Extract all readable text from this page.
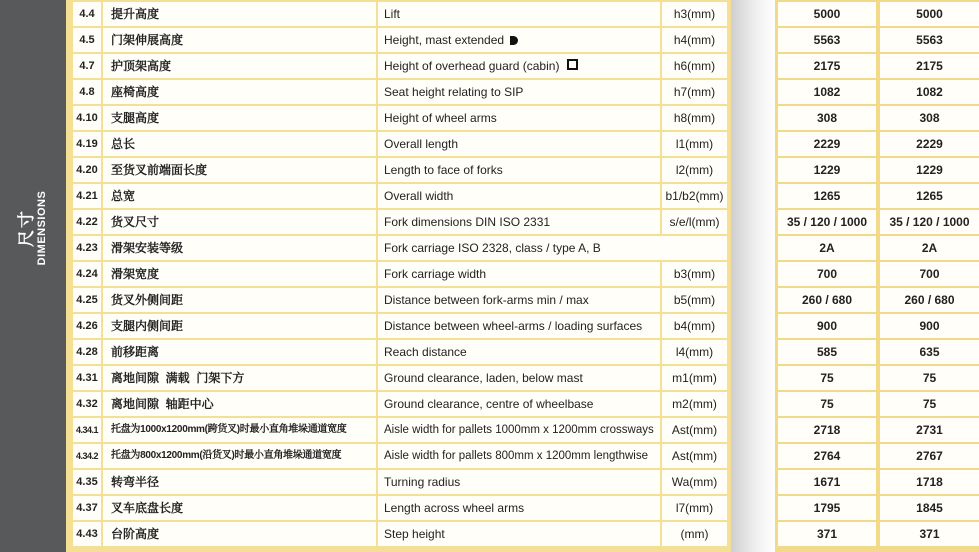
尺寸 DIMENSIONS
4.4	提升高度	Lift	h3(mm)	5000	5000
4.5	门架伸展高度	Height, mast extended	h4(mm)	5563	5563
4.7	护顶架高度	Height of overhead guard (cabin)	h6(mm)	2175	2175
4.8	座椅高度	Seat height relating to SIP	h7(mm)	1082	1082
4.10	支腿高度	Height of wheel arms	h8(mm)	308	308
4.19	总长	Overall length	l1(mm)	2229	2229
4.20	至货叉前端面长度	Length to face of forks	l2(mm)	1229	1229
4.21	总宽	Overall width	b1/b2(mm)	1265	1265
4.22	货叉尺寸	Fork dimensions DIN ISO 2331	s/e/l(mm)	35 / 120 / 1000	35 / 120 / 1000
4.23	滑架安装等级	Fork carriage ISO 2328, class / type A, B	2A	2A
4.24	滑架宽度	Fork carriage width	b3(mm)	700	700
4.25	货叉外侧间距	Distance between fork-arms min / max	b5(mm)	260 / 680	260 / 680
4.26	支腿内侧间距	Distance between wheel-arms / loading surfaces	b4(mm)	900	900
4.28	前移距离	Reach distance	l4(mm)	585	635
4.31	离地间隙  满载  门架下方	Ground clearance, laden, below mast	m1(mm)	75	75
4.32	离地间隙  轴距中心	Ground clearance, centre of wheelbase	m2(mm)	75	75
4.34.1	托盘为1000x1200mm(跨货叉)时最小直角堆垛通道宽度	Aisle width for pallets 1000mm x 1200mm crossways	Ast(mm)	2718	2731
4.34.2	托盘为800x1200mm(沿货叉)时最小直角堆垛通道宽度	Aisle width for pallets 800mm x 1200mm lengthwise	Ast(mm)	2764	2767
4.35	转弯半径	Turning radius	Wa(mm)	1671	1718
4.37	叉车底盘长度	Length across wheel arms	l7(mm)	1795	1845
4.43	台阶高度	Step height	(mm)	371	371
